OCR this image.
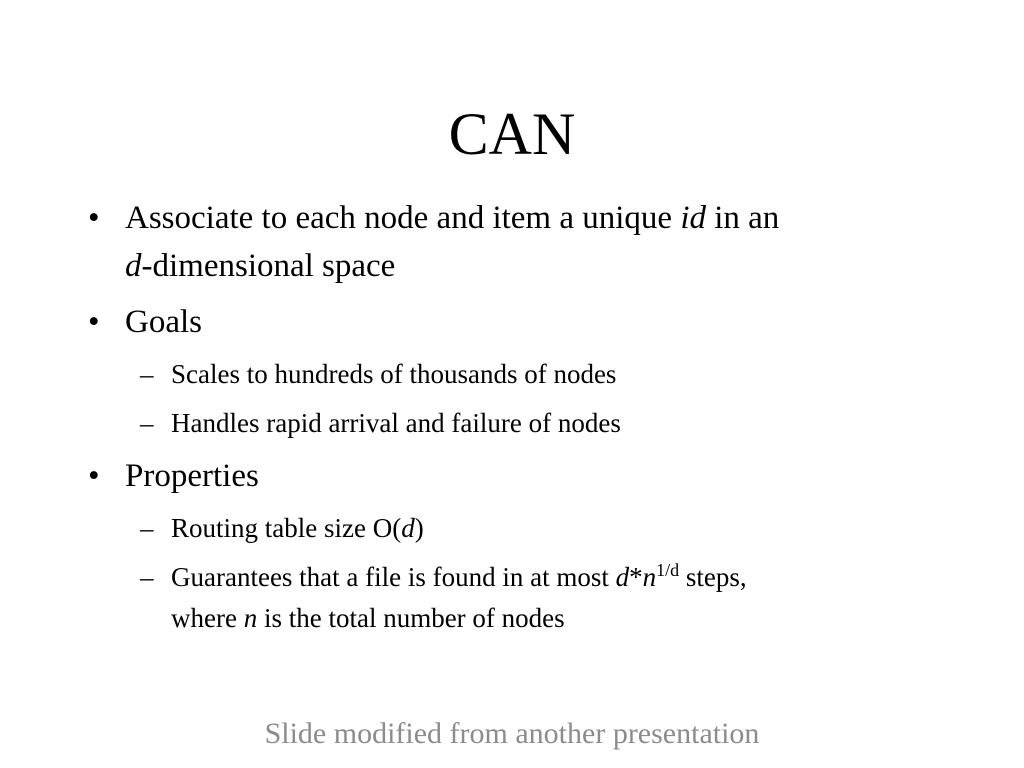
CAN
• Associate to each node and item a unique id in an
d-dimensional space
• Goals
– Scales to hundreds of thousands of nodes
– Handles rapid arrival and failure of nodes
• Properties
– Routing table size O(d)
– Guarantees that a file is found in at most $d*n^{1/d}$ steps,
where n is the total number of nodes
Slide modified from another presentation
